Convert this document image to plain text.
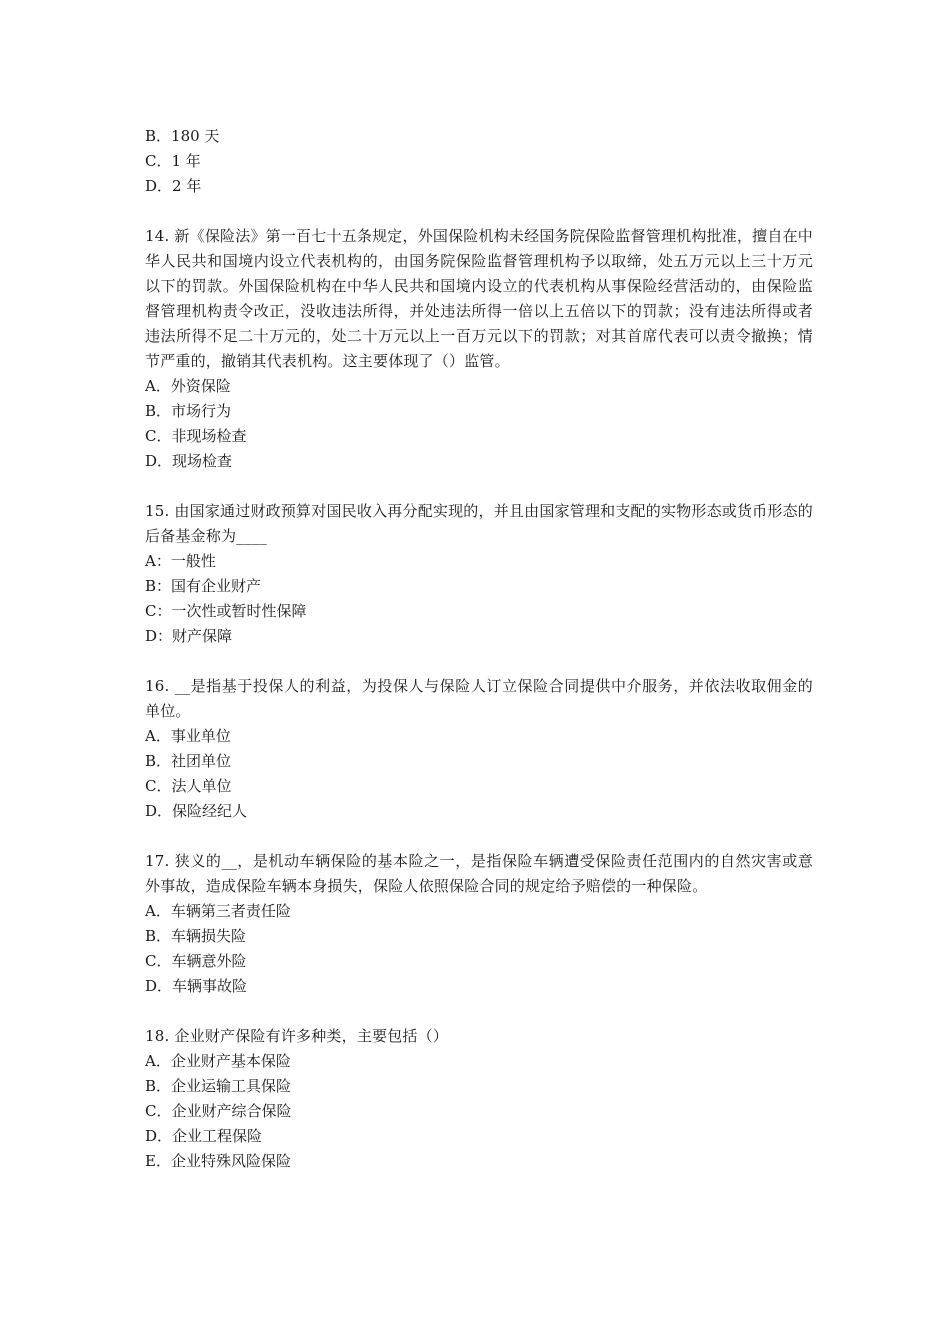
B．180 天
C．1 年
D．2 年
14. 新《保险法》第一百七十五条规定，外国保险机构未经国务院保险监督管理机构批准，擅自在中华人民共和国境内设立代表机构的，由国务院保险监督管理机构予以取缔，处五万元以上三十万元以下的罚款。外国保险机构在中华人民共和国境内设立的代表机构从事保险经营活动的，由保险监督管理机构责令改正，没收违法所得，并处违法所得一倍以上五倍以下的罚款；没有违法所得或者违法所得不足二十万元的，处二十万元以上一百万元以下的罚款；对其首席代表可以责令撤换；情节严重的，撤销其代表机构。这主要体现了（）监管。
A．外资保险
B．市场行为
C．非现场检查
D．现场检查
15. 由国家通过财政预算对国民收入再分配实现的，并且由国家管理和支配的实物形态或货币形态的后备基金称为____
A：一般性
B：国有企业财产
C：一次性或暂时性保障
D：财产保障
16. __是指基于投保人的利益，为投保人与保险人订立保险合同提供中介服务，并依法收取佣金的单位。
A．事业单位
B．社团单位
C．法人单位
D．保险经纪人
17. 狭义的__，是机动车辆保险的基本险之一，是指保险车辆遭受保险责任范围内的自然灾害或意外事故，造成保险车辆本身损失，保险人依照保险合同的规定给予赔偿的一种保险。
A．车辆第三者责任险
B．车辆损失险
C．车辆意外险
D．车辆事故险
18. 企业财产保险有许多种类，主要包括（）
A．企业财产基本保险
B．企业运输工具保险
C．企业财产综合保险
D．企业工程保险
E．企业特殊风险保险
